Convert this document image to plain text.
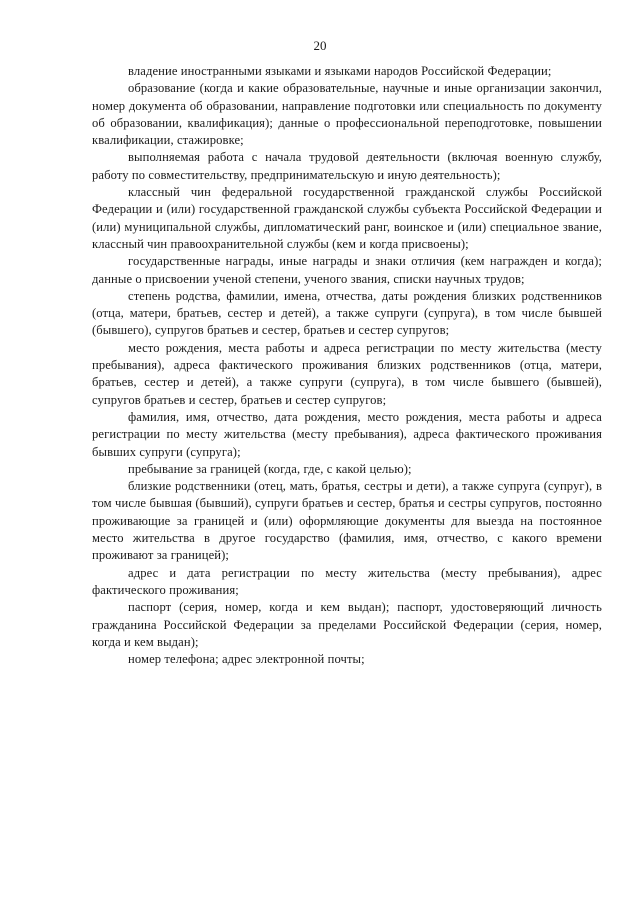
20

владение иностранными языками и языками народов Российской Федерации;

образование (когда и какие образовательные, научные и иные организации закончил, номер документа об образовании, направление подготовки или специальность по документу об образовании, квалификация); данные о профессиональной переподготовке, повышении квалификации, стажировке;

выполняемая работа с начала трудовой деятельности (включая военную службу, работу по совместительству, предпринимательскую и иную деятельность);

классный чин федеральной государственной гражданской службы Российской Федерации и (или) государственной гражданской службы субъекта Российской Федерации и (или) муниципальной службы, дипломатический ранг, воинское и (или) специальное звание, классный чин правоохранительной службы (кем и когда присвоены);

государственные награды, иные награды и знаки отличия (кем награжден и когда); данные о присвоении ученой степени, ученого звания, списки научных трудов;

степень родства, фамилии, имена, отчества, даты рождения близких родственников (отца, матери, братьев, сестер и детей), а также супруги (супруга), в том числе бывшей (бывшего), супругов братьев и сестер, братьев и сестер супругов;

место рождения, места работы и адреса регистрации по месту жительства (месту пребывания), адреса фактического проживания близких родственников (отца, матери, братьев, сестер и детей), а также супруги (супруга), в том числе бывшего (бывшей), супругов братьев и сестер, братьев и сестер супругов;

фамилия, имя, отчество, дата рождения, место рождения, места работы и адреса регистрации по месту жительства (месту пребывания), адреса фактического проживания бывших супруги (супруга);

пребывание за границей (когда, где, с какой целью);

близкие родственники (отец, мать, братья, сестры и дети), а также супруга (супруг), в том числе бывшая (бывший), супруги братьев и сестер, братья и сестры супругов, постоянно проживающие за границей и (или) оформляющие документы для выезда на постоянное место жительства в другое государство (фамилия, имя, отчество, с какого времени проживают за границей);

адрес и дата регистрации по месту жительства (месту пребывания), адрес фактического проживания;

паспорт (серия, номер, когда и кем выдан); паспорт, удостоверяющий личность гражданина Российской Федерации за пределами Российской Федерации (серия, номер, когда и кем выдан);

номер телефона; адрес электронной почты;
